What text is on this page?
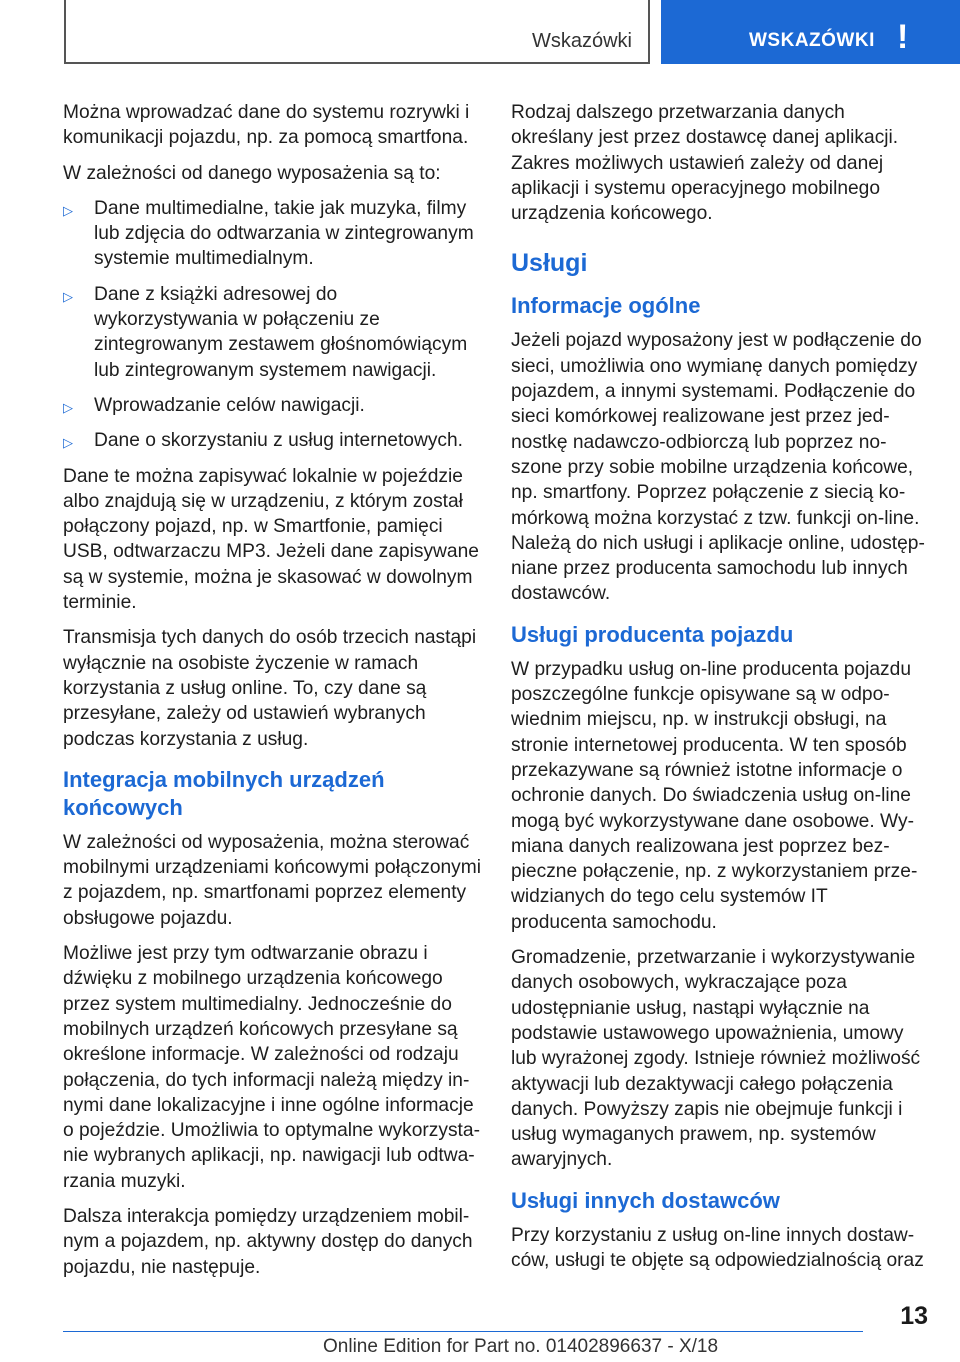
Wskazówki	WSKAZÓWKI !

Można wprowadzać dane do systemu rozrywki i komunikacji pojazdu, np. za pomocą smartfona.

W zależności od danego wyposażenia są to:

▷ Dane multimedialne, takie jak muzyka, filmy lub zdjęcia do odtwarzania w zintegrowanym systemie multimedialnym.
▷ Dane z książki adresowej do wykorzystywania w połączeniu ze zintegrowanym zestawem głośnomówiącym lub zintegrowanym systemem nawigacji.
▷ Wprowadzanie celów nawigacji.
▷ Dane o skorzystaniu z usług internetowych.

Dane te można zapisywać lokalnie w pojeździe albo znajdują się w urządzeniu, z którym został połączony pojazd, np. w Smartfonie, pamięci USB, odtwarzaczu MP3. Jeżeli dane zapisywane są w systemie, można je skasować w dowolnym terminie.

Transmisja tych danych do osób trzecich nastąpi wyłącznie na osobiste życzenie w ramach korzystania z usług online. To, czy dane są przesyłane, zależy od ustawień wybranych podczas korzystania z usług.

Integracja mobilnych urządzeń końcowych

W zależności od wyposażenia, można sterować mobilnymi urządzeniami końcowymi połączonymi z pojazdem, np. smartfonami poprzez elementy obsługowe pojazdu.

Możliwe jest przy tym odtwarzanie obrazu i dźwięku z mobilnego urządzenia końcowego przez system multimedialny. Jednocześnie do mobilnych urządzeń końcowych przesyłane są określone informacje. W zależności od rodzaju połączenia, do tych informacji należą między innymi dane lokalizacyjne i inne ogólne informacje o pojeździe. Umożliwia to optymalne wykorzystanie wybranych aplikacji, np. nawigacji lub odtwarzania muzyki.

Dalsza interakcja pomiędzy urządzeniem mobilnym a pojazdem, np. aktywny dostęp do danych pojazdu, nie następuje.

Rodzaj dalszego przetwarzania danych określany jest przez dostawcę danej aplikacji. Zakres możliwych ustawień zależy od danej aplikacji i systemu operacyjnego mobilnego urządzenia końcowego.

Usługi
Informacje ogólne

Jeżeli pojazd wyposażony jest w podłączenie do sieci, umożliwia ono wymianę danych pomiędzy pojazdem, a innymi systemami. Podłączenie do sieci komórkowej realizowane jest przez jednostkę nadawczo-odbiorczą lub poprzez noszone przy sobie mobilne urządzenia końcowe, np. smartfony. Poprzez połączenie z siecią komórkową można korzystać z tzw. funkcji on-line. Należą do nich usługi i aplikacje online, udostępniane przez producenta samochodu lub innych dostawców.

Usługi producenta pojazdu

W przypadku usług on-line producenta pojazdu poszczególne funkcje opisywane są w odpowiednim miejscu, np. w instrukcji obsługi, na stronie internetowej producenta. W ten sposób przekazywane są również istotne informacje o ochronie danych. Do świadczenia usług on-line mogą być wykorzystywane dane osobowe. Wymiana danych realizowana jest poprzez bezpieczne połączenie, np. z wykorzystaniem przewidzianych do tego celu systemów IT producenta samochodu.

Gromadzenie, przetwarzanie i wykorzystywanie danych osobowych, wykraczające poza udostępnianie usług, nastąpi wyłącznie na podstawie ustawowego upoważnienia, umowy lub wyrażonej zgody. Istnieje również możliwość aktywacji lub dezaktywacji całego połączenia danych. Powyższy zapis nie obejmuje funkcji i usług wymaganych prawem, np. systemów awaryjnych.

Usługi innych dostawców

Przy korzystaniu z usług on-line innych dostawców, usługi te objęte są odpowiedzialnością oraz

13
Online Edition for Part no. 01402896637 - X/18
